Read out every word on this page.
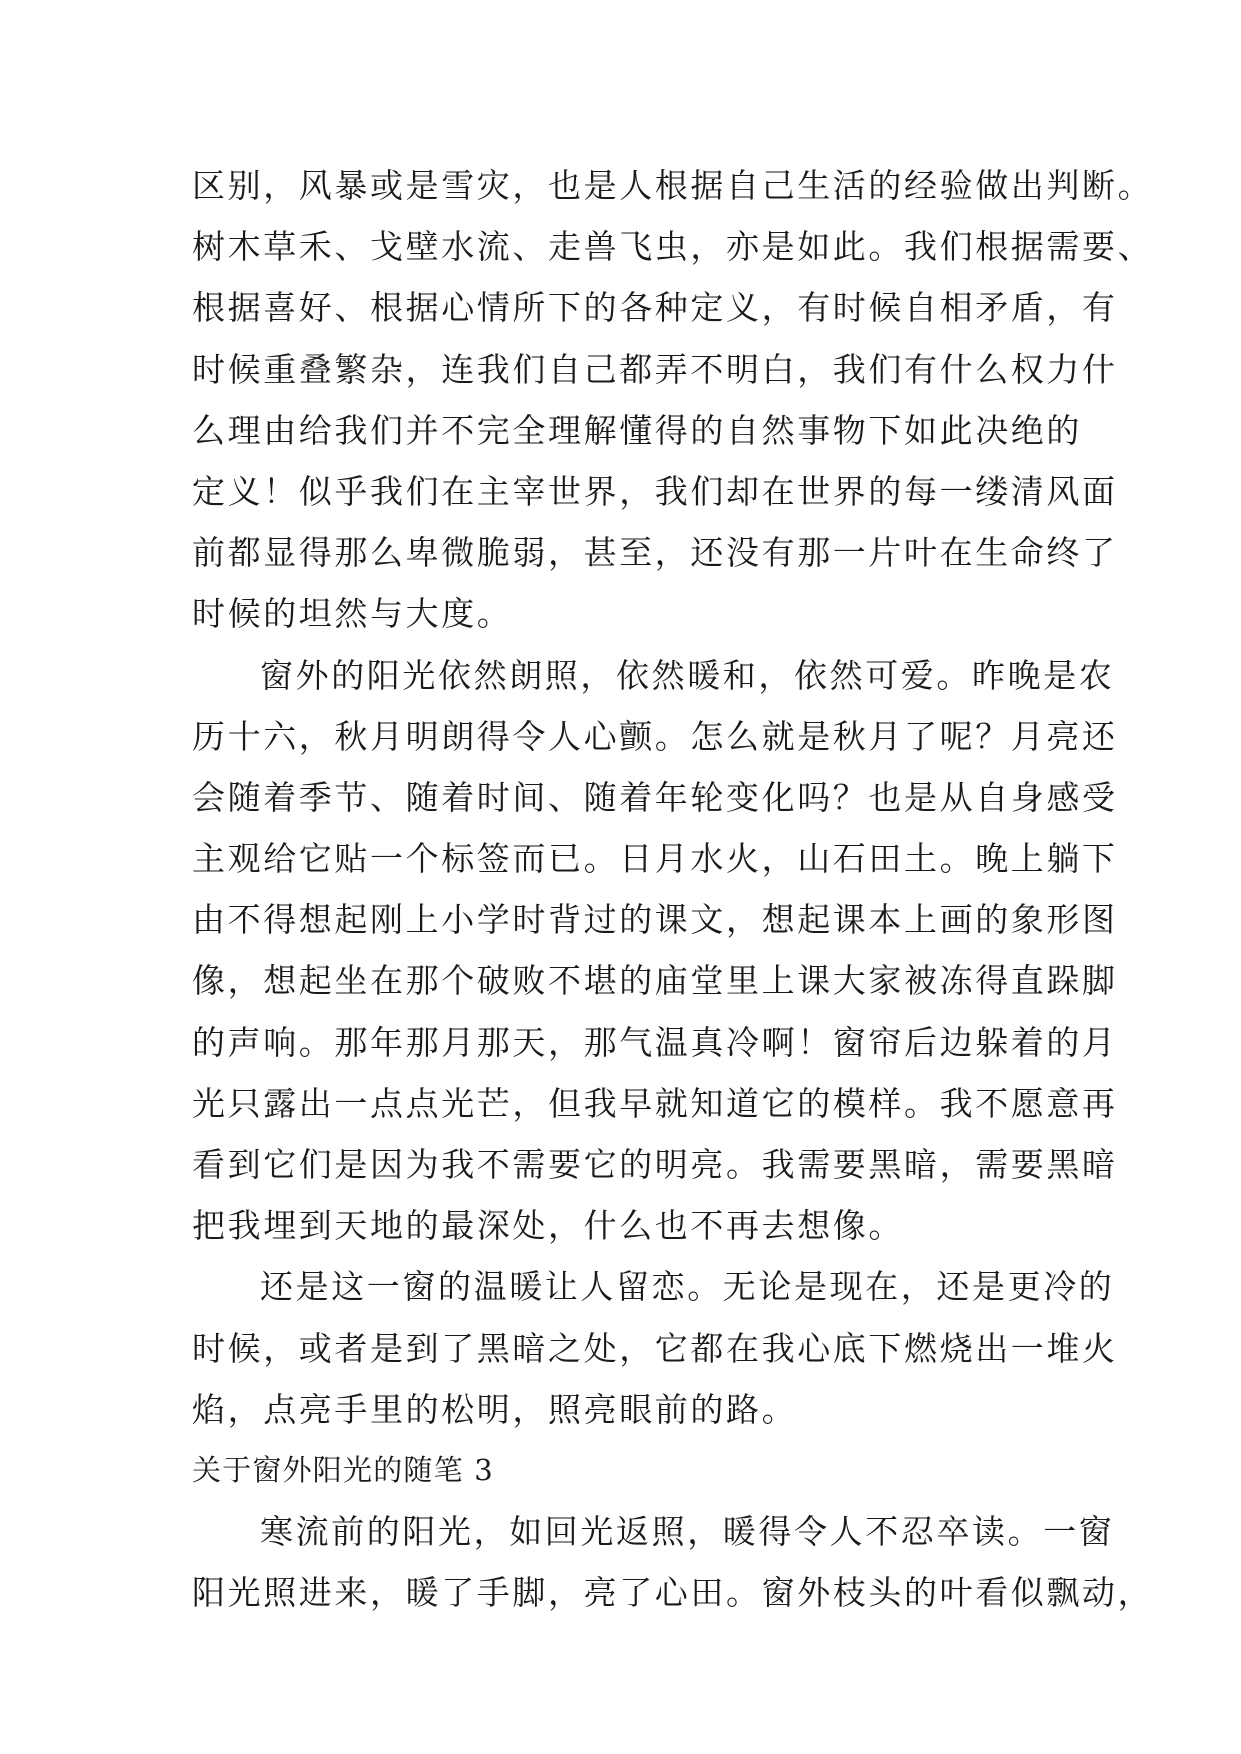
区别，风暴或是雪灾，也是人根据自己生活的经验做出判断。
树木草禾、戈壁水流、走兽飞虫，亦是如此。我们根据需要、
根据喜好、根据心情所下的各种定义，有时候自相矛盾，有
时候重叠繁杂，连我们自己都弄不明白，我们有什么权力什
么理由给我们并不完全理解懂得的自然事物下如此决绝的
定义！似乎我们在主宰世界，我们却在世界的每一缕清风面
前都显得那么卑微脆弱，甚至，还没有那一片叶在生命终了
时候的坦然与大度。
窗外的阳光依然朗照，依然暖和，依然可爱。昨晚是农
历十六，秋月明朗得令人心颤。怎么就是秋月了呢？月亮还
会随着季节、随着时间、随着年轮变化吗？也是从自身感受
主观给它贴一个标签而已。日月水火，山石田土。晚上躺下
由不得想起刚上小学时背过的课文，想起课本上画的象形图
像，想起坐在那个破败不堪的庙堂里上课大家被冻得直跺脚
的声响。那年那月那天，那气温真冷啊！窗帘后边躲着的月
光只露出一点点光芒，但我早就知道它的模样。我不愿意再
看到它们是因为我不需要它的明亮。我需要黑暗，需要黑暗
把我埋到天地的最深处，什么也不再去想像。
还是这一窗的温暖让人留恋。无论是现在，还是更冷的
时候，或者是到了黑暗之处，它都在我心底下燃烧出一堆火
焰，点亮手里的松明，照亮眼前的路。
关于窗外阳光的随笔 3
寒流前的阳光，如回光返照，暖得令人不忍卒读。一窗
阳光照进来，暖了手脚，亮了心田。窗外枝头的叶看似飘动，
